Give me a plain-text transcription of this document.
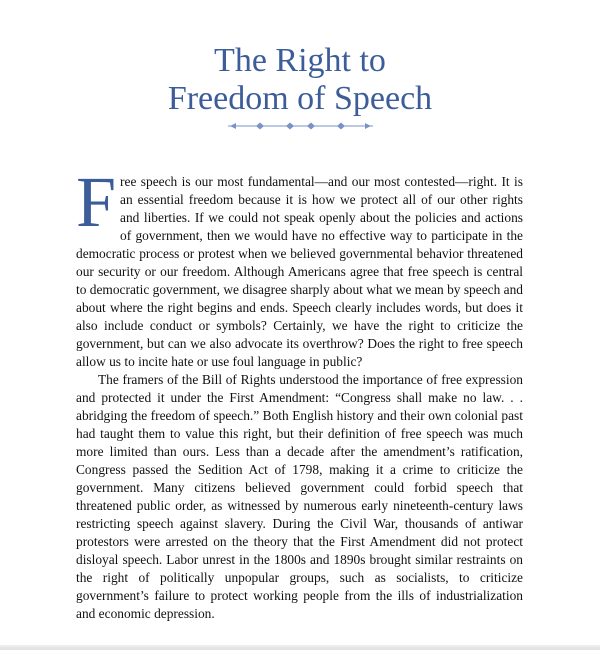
The Right to
Freedom of Speech

Free speech is our most fundamental—and our most contested—right. It is an essential freedom because it is how we protect all of our other rights and liberties. If we could not speak openly about the policies and actions of government, then we would have no effective way to participate in the democratic process or protest when we believed governmental behavior threatened our security or our freedom. Although Americans agree that free speech is central to democratic government, we disagree sharply about what we mean by speech and about where the right begins and ends. Speech clearly includes words, but does it also include conduct or symbols? Certainly, we have the right to criticize the government, but can we also advocate its overthrow? Does the right to free speech allow us to incite hate or use foul language in public?

The framers of the Bill of Rights understood the importance of free expression and protected it under the First Amendment: “Congress shall make no law. . . abridging the freedom of speech.” Both English history and their own colonial past had taught them to value this right, but their definition of free speech was much more limited than ours. Less than a decade after the amendment’s ratification, Congress passed the Sedition Act of 1798, making it a crime to criticize the government. Many citizens believed government could forbid speech that threatened public order, as witnessed by numerous early nineteenth-century laws restricting speech against slavery. During the Civil War, thousands of antiwar protestors were arrested on the theory that the First Amendment did not protect disloyal speech. Labor unrest in the 1800s and 1890s brought similar restraints on the right of politically unpopular groups, such as socialists, to criticize government’s failure to protect working people from the ills of industrialization and economic depression.
